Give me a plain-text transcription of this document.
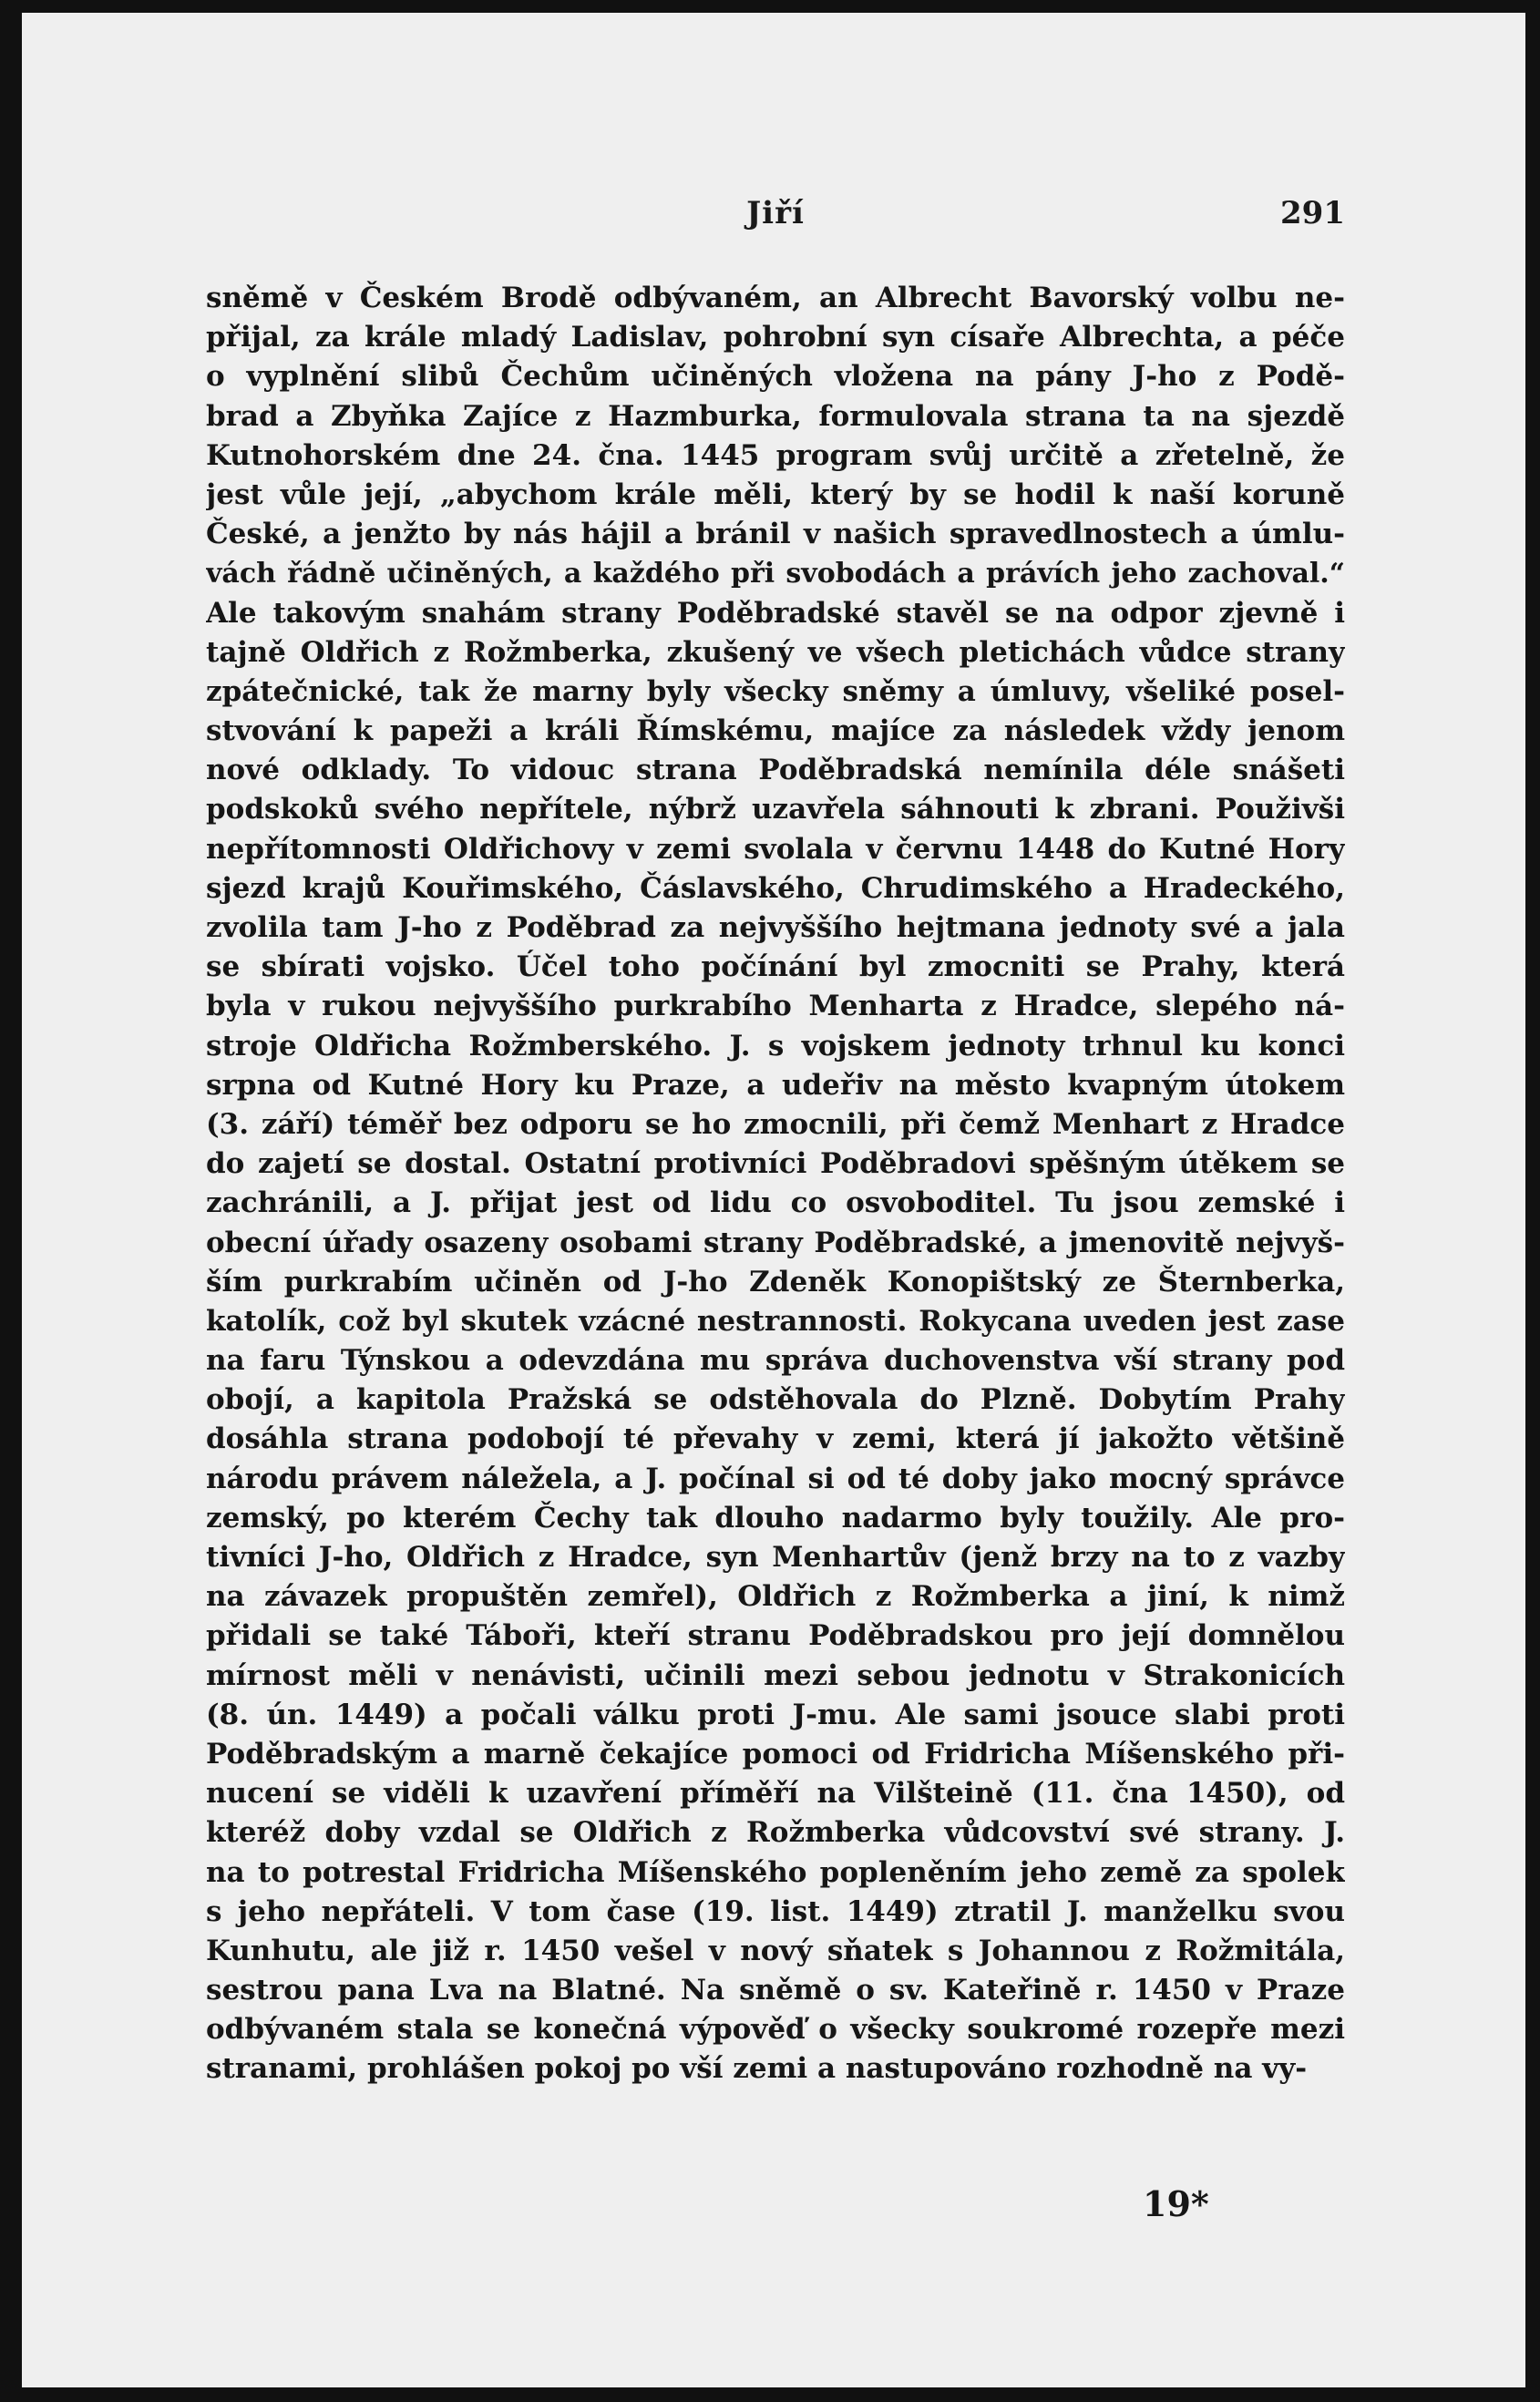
Jiří	291
sněmě v Českém Brodě odbývaném, an Albrecht Bavorský volbu ne-
přijal, za krále mladý Ladislav, pohrobní syn císaře Albrechta, a péče
o vyplnění slibů Čechům učiněných vložena na pány J-ho z Podě-
brad a Zbyňka Zajíce z Hazmburka, formulovala strana ta na sjezdě
Kutnohorském dne 24. čna. 1445 program svůj určitě a zřetelně, že
jest vůle její, „abychom krále měli, který by se hodil k naší koruně
České, a jenžto by nás hájil a bránil v našich spravedlnostech a úmlu-
vách řádně učiněných, a každého při svobodách a právích jeho zachoval.“
Ale takovým snahám strany Poděbradské stavěl se na odpor zjevně i
tajně Oldřich z Rožmberka, zkušený ve všech pletichách vůdce strany
zpátečnické, tak že marny byly všecky sněmy a úmluvy, všeliké posel-
stvování k papeži a králi Římskému, majíce za následek vždy jenom
nové odklady. To vidouc strana Poděbradská nemínila déle snášeti
podskoků svého nepřítele, nýbrž uzavřela sáhnouti k zbrani. Použivši
nepřítomnosti Oldřichovy v zemi svolala v červnu 1448 do Kutné Hory
sjezd krajů Kouřimského, Čáslavského, Chrudimského a Hradeckého,
zvolila tam J-ho z Poděbrad za nejvyššího hejtmana jednoty své a jala
se sbírati vojsko. Účel toho počínání byl zmocniti se Prahy, která
byla v rukou nejvyššího purkrabího Menharta z Hradce, slepého ná-
stroje Oldřicha Rožmberského. J. s vojskem jednoty trhnul ku konci
srpna od Kutné Hory ku Praze, a udeřiv na město kvapným útokem
(3. září) téměř bez odporu se ho zmocnili, při čemž Menhart z Hradce
do zajetí se dostal. Ostatní protivníci Poděbradovi spěšným útěkem se
zachránili, a J. přijat jest od lidu co osvoboditel. Tu jsou zemské i
obecní úřady osazeny osobami strany Poděbradské, a jmenovitě nejvyš-
ším purkrabím učiněn od J-ho Zdeněk Konopištský ze Šternberka,
katolík, což byl skutek vzácné nestrannosti. Rokycana uveden jest zase
na faru Týnskou a odevzdána mu správa duchovenstva vší strany pod
obojí, a kapitola Pražská se odstěhovala do Plzně. Dobytím Prahy
dosáhla strana podobojí té převahy v zemi, která jí jakožto většině
národu právem náležela, a J. počínal si od té doby jako mocný správce
zemský, po kterém Čechy tak dlouho nadarmo byly toužily. Ale pro-
tivníci J-ho, Oldřich z Hradce, syn Menhartův (jenž brzy na to z vazby
na závazek propuštěn zemřel), Oldřich z Rožmberka a jiní, k nimž
přidali se také Táboři, kteří stranu Poděbradskou pro její domnělou
mírnost měli v nenávisti, učinili mezi sebou jednotu v Strakonicích
(8. ún. 1449) a počali válku proti J-mu. Ale sami jsouce slabi proti
Poděbradským a marně čekajíce pomoci od Fridricha Míšenského při-
nucení se viděli k uzavření příměří na Vilšteině (11. čna 1450), od
kteréž doby vzdal se Oldřich z Rožmberka vůdcovství své strany. J.
na to potrestal Fridricha Míšenského popleněním jeho země za spolek
s jeho nepřáteli. V tom čase (19. list. 1449) ztratil J. manželku svou
Kunhutu, ale již r. 1450 vešel v nový sňatek s Johannou z Rožmitála,
sestrou pana Lva na Blatné. Na sněmě o sv. Kateřině r. 1450 v Praze
odbývaném stala se konečná výpověď o všecky soukromé rozepře mezi
stranami, prohlášen pokoj po vší zemi a nastupováno rozhodně na vy-
19*
